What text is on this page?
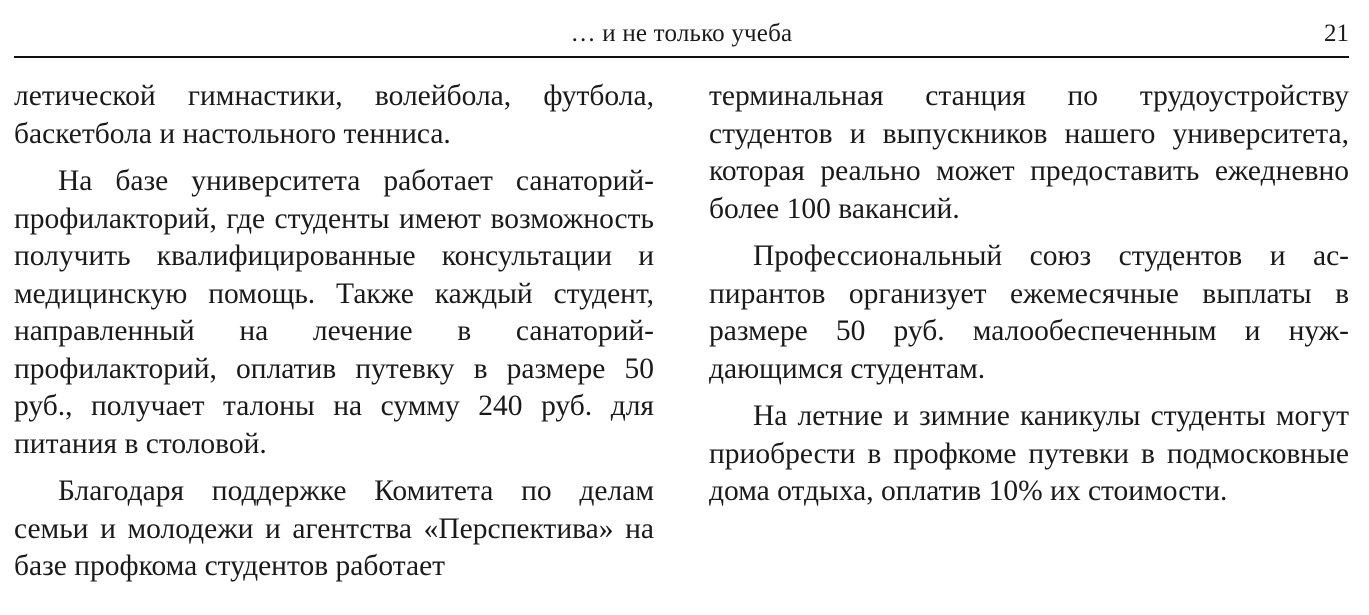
… и не только учеба	21

летической гимнастики, волейбола, футбола, баскетбола и настольного тенниса.

На базе университета работает санаторий-профилакторий, где студенты имеют возможность получить квалифицированные консультации и медицинскую помощь. Также каждый студент, направленный на лечение в санаторий-профилакторий, оплатив путевку в размере 50 руб., получает талоны на сумму 240 руб. для питания в столовой.

Благодаря поддержке Комитета по делам семьи и молодежи и агентства «Перспектива» на базе профкома студентов работает

терминальная станция по трудоустройству студентов и выпускников нашего университета, которая реально может предоставить ежедневно более 100 вакансий.

Профессиональный союз студентов и аспирантов организует ежемесячные выплаты в размере 50 руб. малообеспеченным и нуждающимся студентам.

На летние и зимние каникулы студенты могут приобрести в профкоме путевки в подмосковные дома отдыха, оплатив 10% их стоимости.
